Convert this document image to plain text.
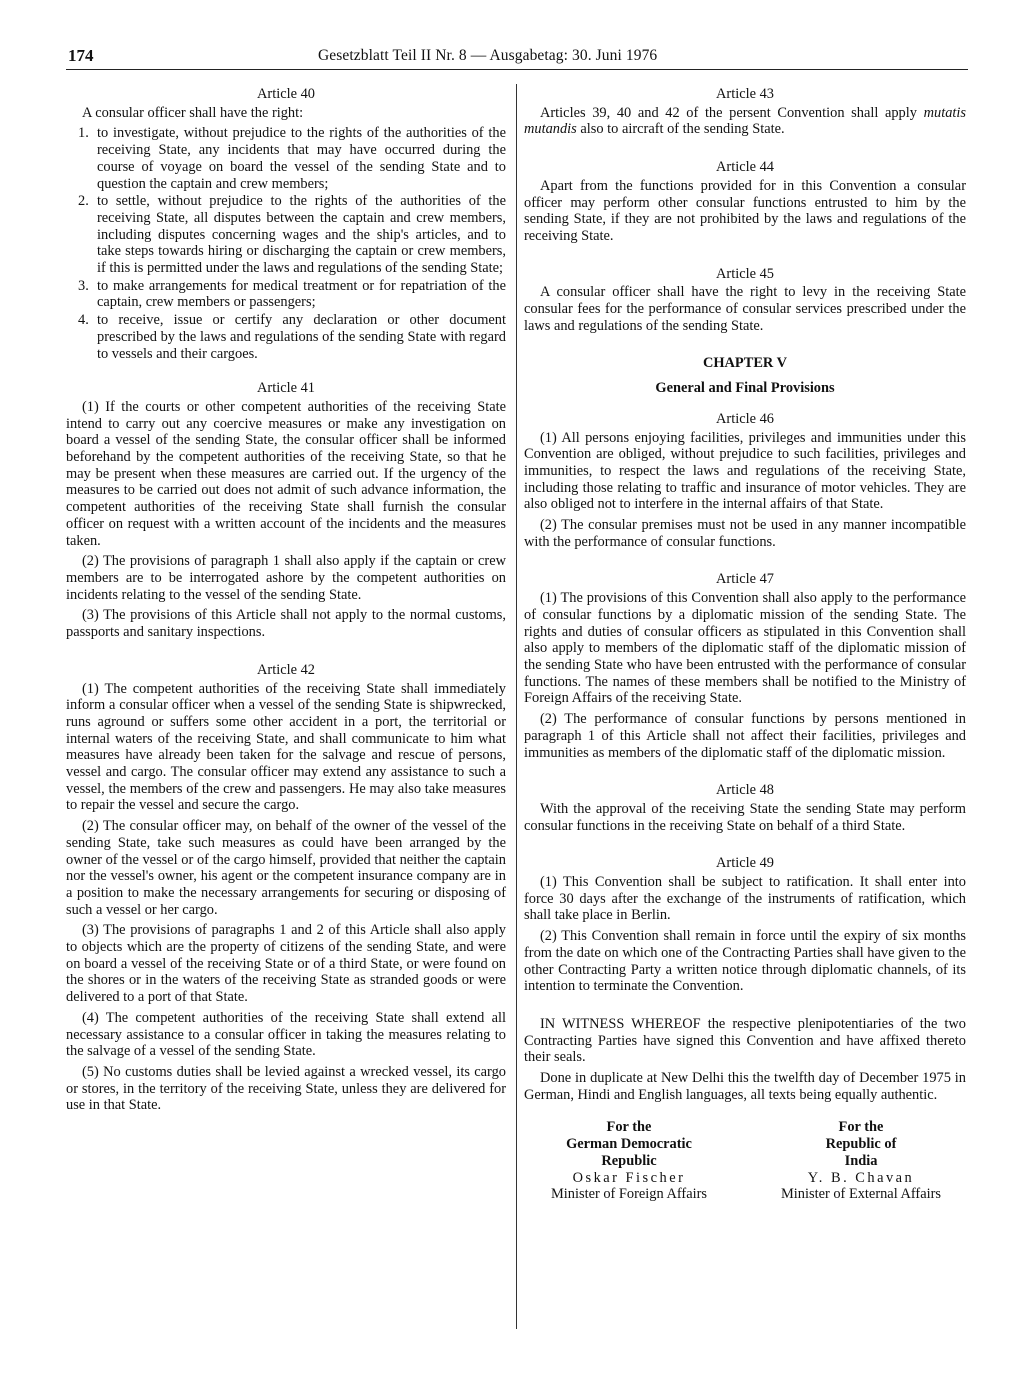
174	Gesetzblatt Teil II Nr. 8 — Ausgabetag: 30. Juni 1976
Article 40
A consular officer shall have the right:
1. to investigate, without prejudice to the rights of the authorities of the receiving State, any incidents that may have occurred during the course of voyage on board the vessel of the sending State and to question the captain and crew members;
2. to settle, without prejudice to the rights of the authorities of the receiving State, all disputes between the captain and crew members, including disputes concerning wages and the ship's articles, and to take steps towards hiring or discharging the captain or crew members, if this is permitted under the laws and regulations of the sending State;
3. to make arrangements for medical treatment or for repatriation of the captain, crew members or passengers;
4. to receive, issue or certify any declaration or other document prescribed by the laws and regulations of the sending State with regard to vessels and their cargoes.
Article 41
(1) If the courts or other competent authorities of the receiving State intend to carry out any coercive measures or make any investigation on board a vessel of the sending State, the consular officer shall be informed beforehand by the competent authorities of the receiving State, so that he may be present when these measures are carried out. If the urgency of the measures to be carried out does not admit of such advance information, the competent authorities of the receiving State shall furnish the consular officer on request with a written account of the incidents and the measures taken.
(2) The provisions of paragraph 1 shall also apply if the captain or crew members are to be interrogated ashore by the competent authorities on incidents relating to the vessel of the sending State.
(3) The provisions of this Article shall not apply to the normal customs, passports and sanitary inspections.
Article 42
(1) The competent authorities of the receiving State shall immediately inform a consular officer when a vessel of the sending State is shipwrecked, runs aground or suffers some other accident in a port, the territorial or internal waters of the receiving State, and shall communicate to him what measures have already been taken for the salvage and rescue of persons, vessel and cargo. The consular officer may extend any assistance to such a vessel, the members of the crew and passengers. He may also take measures to repair the vessel and secure the cargo.
(2) The consular officer may, on behalf of the owner of the vessel of the sending State, take such measures as could have been arranged by the owner of the vessel or of the cargo himself, provided that neither the captain nor the vessel's owner, his agent or the competent insurance company are in a position to make the necessary arrangements for securing or disposing of such a vessel or her cargo.
(3) The provisions of paragraphs 1 and 2 of this Article shall also apply to objects which are the property of citizens of the sending State, and were on board a vessel of the receiving State or of a third State, or were found on the shores or in the waters of the receiving State as stranded goods or were delivered to a port of that State.
(4) The competent authorities of the receiving State shall extend all necessary assistance to a consular officer in taking the measures relating to the salvage of a vessel of the sending State.
(5) No customs duties shall be levied against a wrecked vessel, its cargo or stores, in the territory of the receiving State, unless they are delivered for use in that State.
Article 43
Articles 39, 40 and 42 of the persent Convention shall apply mutatis mutandis also to aircraft of the sending State.
Article 44
Apart from the functions provided for in this Convention a consular officer may perform other consular functions entrusted to him by the sending State, if they are not prohibited by the laws and regulations of the receiving State.
Article 45
A consular officer shall have the right to levy in the receiving State consular fees for the performance of consular services prescribed under the laws and regulations of the sending State.
CHAPTER V
General and Final Provisions
Article 46
(1) All persons enjoying facilities, privileges and immunities under this Convention are obliged, without prejudice to such facilities, privileges and immunities, to respect the laws and regulations of the receiving State, including those relating to traffic and insurance of motor vehicles. They are also obliged not to interfere in the internal affairs of that State.
(2) The consular premises must not be used in any manner incompatible with the performance of consular functions.
Article 47
(1) The provisions of this Convention shall also apply to the performance of consular functions by a diplomatic mission of the sending State. The rights and duties of consular officers as stipulated in this Convention shall also apply to members of the diplomatic staff of the diplomatic mission of the sending State who have been entrusted with the performance of consular functions. The names of these members shall be notified to the Ministry of Foreign Affairs of the receiving State.
(2) The performance of consular functions by persons mentioned in paragraph 1 of this Article shall not affect their facilities, privileges and immunities as members of the diplomatic staff of the diplomatic mission.
Article 48
With the approval of the receiving State the sending State may perform consular functions in the receiving State on behalf of a third State.
Article 49
(1) This Convention shall be subject to ratification. It shall enter into force 30 days after the exchange of the instruments of ratification, which shall take place in Berlin.
(2) This Convention shall remain in force until the expiry of six months from the date on which one of the Contracting Parties shall have given to the other Contracting Party a written notice through diplomatic channels, of its intention to terminate the Convention.
IN WITNESS WHEREOF the respective plenipotentiaries of the two Contracting Parties have signed this Convention and have affixed thereto their seals.
Done in duplicate at New Delhi this the twelfth day of December 1975 in German, Hindi and English languages, all texts being equally authentic.
For the
German Democratic
Republic
Oskar Fischer
Minister of Foreign Affairs
For the
Republic of
India
Y. B. Chavan
Minister of External Affairs
